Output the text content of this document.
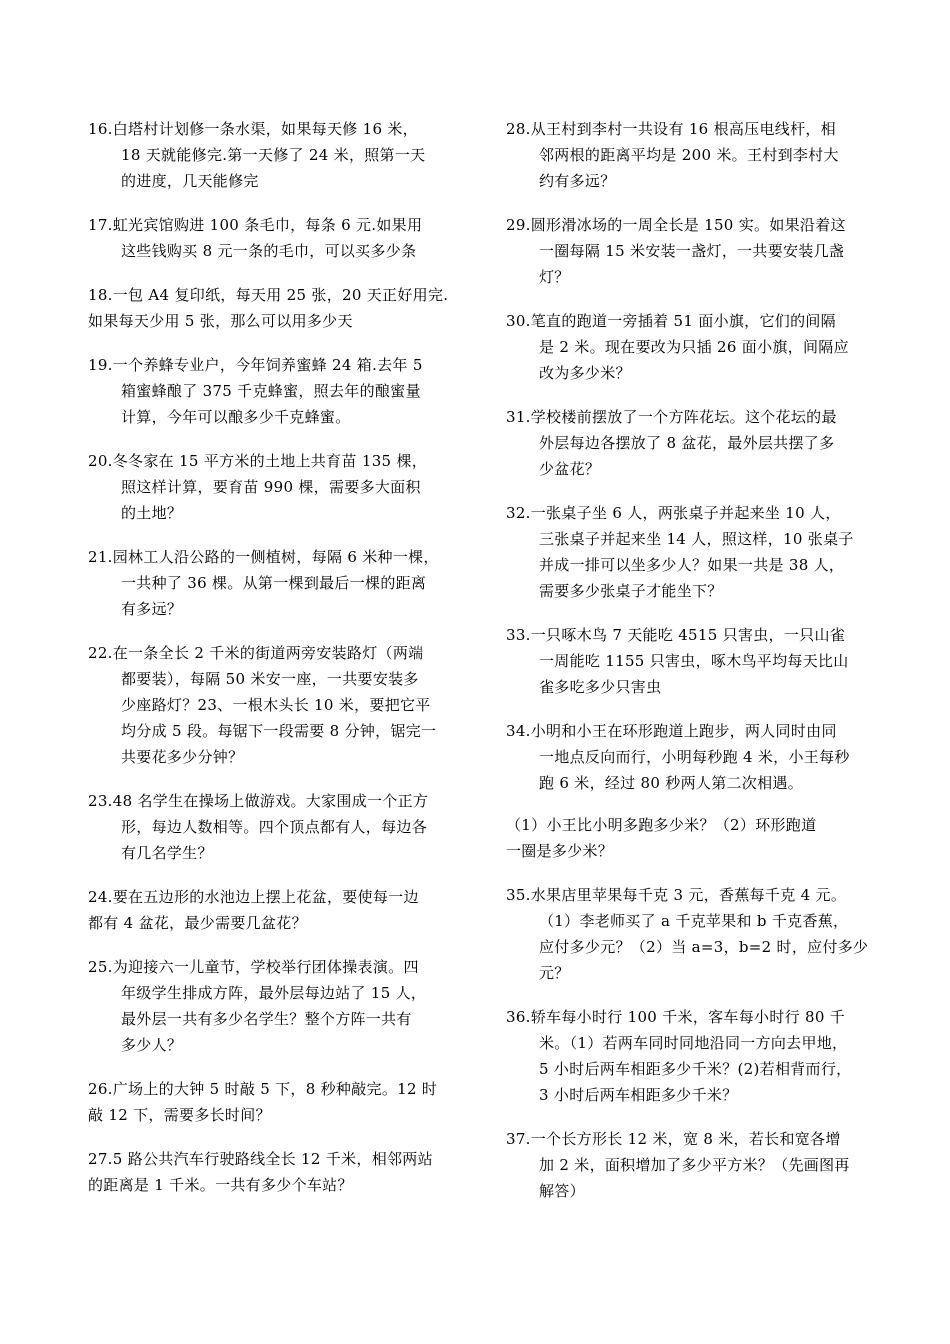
16.白塔村计划修一条水渠，如果每天修 16 米，
18 天就能修完.第一天修了 24 米，照第一天
的进度，几天能修完
17.虹光宾馆购进 100 条毛巾，每条 6 元.如果用
这些钱购买 8 元一条的毛巾，可以买多少条
18.一包 A4 复印纸，每天用 25 张，20 天正好用完.
如果每天少用 5 张，那么可以用多少天
19.一个养蜂专业户，今年饲养蜜蜂 24 箱.去年 5
箱蜜蜂酿了 375 千克蜂蜜，照去年的酿蜜量
计算，今年可以酿多少千克蜂蜜。
20.冬冬家在 15 平方米的土地上共育苗 135 棵，
照这样计算，要育苗 990 棵，需要多大面积
的土地？
21.园林工人沿公路的一侧植树，每隔 6 米种一棵，
一共种了 36 棵。从第一棵到最后一棵的距离
有多远？
22.在一条全长 2 千米的街道两旁安装路灯（两端
都要装），每隔 50 米安一座，一共要安装多
少座路灯？23、一根木头长 10 米，要把它平
均分成 5 段。每锯下一段需要 8 分钟，锯完一
共要花多少分钟？
23.48 名学生在操场上做游戏。大家围成一个正方
形，每边人数相等。四个顶点都有人，每边各
有几名学生？
24.要在五边形的水池边上摆上花盆，要使每一边
都有 4 盆花，最少需要几盆花？
25.为迎接六一儿童节，学校举行团体操表演。四
年级学生排成方阵，最外层每边站了 15 人，
最外层一共有多少名学生？整个方阵一共有
多少人？
26.广场上的大钟 5 时敲 5 下，8 秒种敲完。12 时
敲 12 下，需要多长时间？
27.5 路公共汽车行驶路线全长 12 千米，相邻两站
的距离是 1 千米。一共有多少个车站？
28.从王村到李村一共设有 16 根高压电线杆，相
邻两根的距离平均是 200 米。王村到李村大
约有多远？
29.圆形滑冰场的一周全长是 150 实。如果沿着这
一圈每隔 15 米安装一盏灯，一共要安装几盏
灯？
30.笔直的跑道一旁插着 51 面小旗，它们的间隔
是 2 米。现在要改为只插 26 面小旗，间隔应
改为多少米？
31.学校楼前摆放了一个方阵花坛。这个花坛的最
外层每边各摆放了 8 盆花，最外层共摆了多
少盆花？
32.一张桌子坐 6 人，两张桌子并起来坐 10 人，
三张桌子并起来坐 14 人，照这样，10 张桌子
并成一排可以坐多少人？如果一共是 38 人，
需要多少张桌子才能坐下？
33.一只啄木鸟 7 天能吃 4515 只害虫，一只山雀
一周能吃 1155 只害虫，啄木鸟平均每天比山
雀多吃多少只害虫
34.小明和小王在环形跑道上跑步，两人同时由同
一地点反向而行，小明每秒跑 4 米，小王每秒
跑 6 米，经过 80 秒两人第二次相遇。
（1）小王比小明多跑多少米？（2）环形跑道
一圈是多少米？
35.水果店里苹果每千克 3 元，香蕉每千克 4 元。
（1）李老师买了 a 千克苹果和 b 千克香蕉，
应付多少元？（2）当 a=3，b=2 时，应付多少
元？
36.轿车每小时行 100 千米，客车每小时行 80 千
米。（1）若两车同时同地沿同一方向去甲地，
5 小时后两车相距多少千米？(2)若相背而行，
3 小时后两车相距多少千米？
37.一个长方形长 12 米，宽 8 米，若长和宽各增
加 2 米，面积增加了多少平方米？（先画图再
解答）
